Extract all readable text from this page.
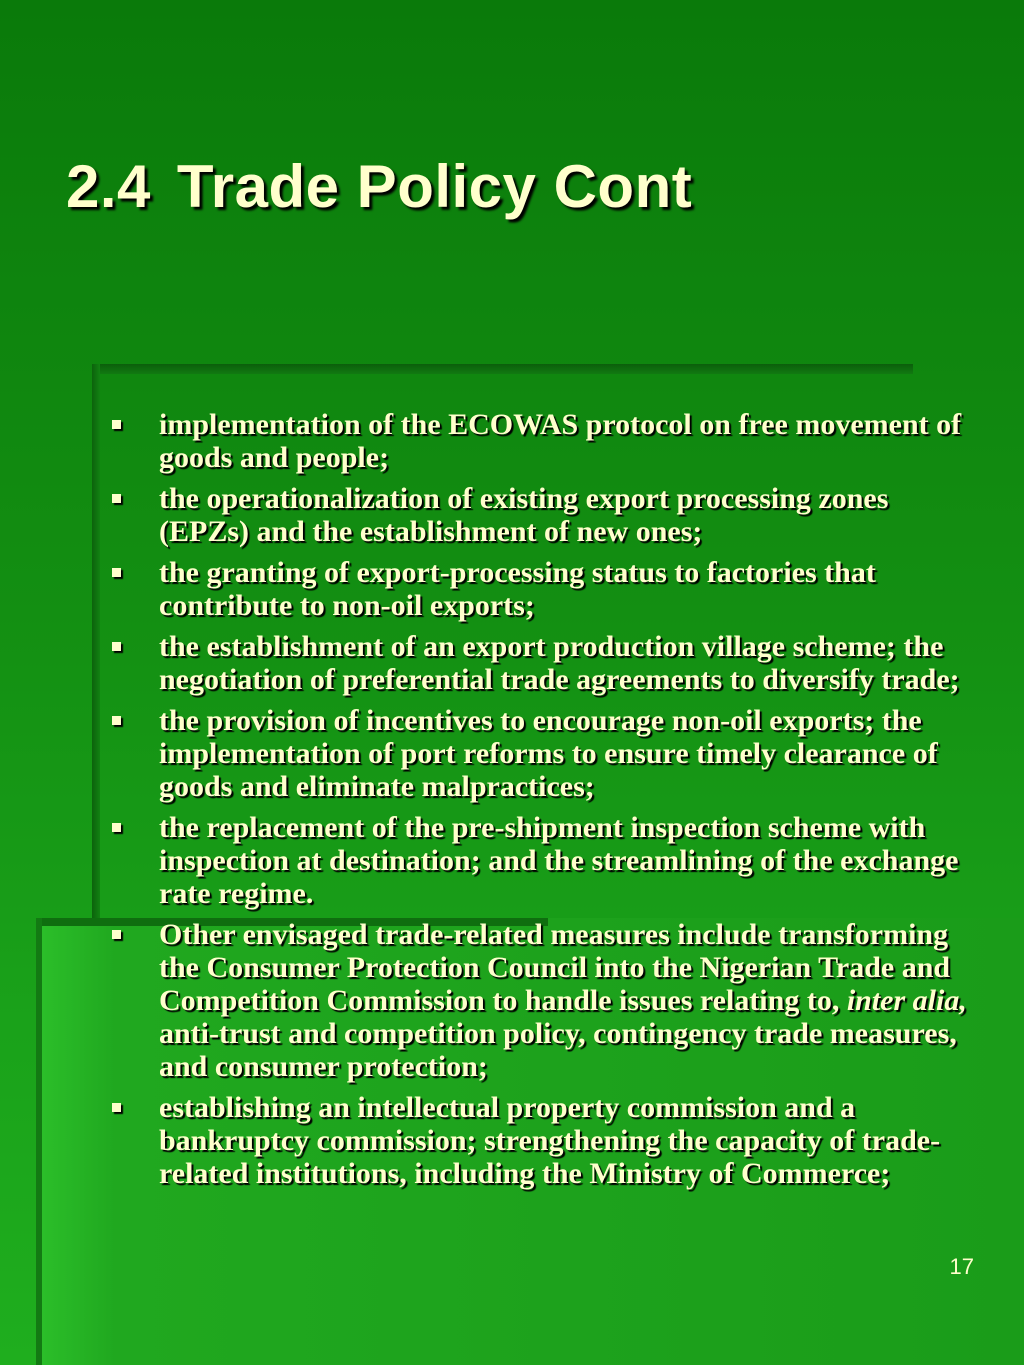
2.4 Trade Policy Cont
implementation of the ECOWAS protocol on free movement of goods and people;
the operationalization of existing export processing zones (EPZs) and the establishment of new ones;
the granting of export-processing status to factories that contribute to non-oil exports;
the establishment of an export production village scheme; the negotiation of preferential trade agreements to diversify trade;
the provision of incentives to encourage non-oil exports; the implementation of port reforms to ensure timely clearance of goods and eliminate malpractices;
the replacement of the pre-shipment inspection scheme with inspection at destination; and the streamlining of the exchange rate regime.
Other envisaged trade-related measures include transforming the Consumer Protection Council into the Nigerian Trade and Competition Commission to handle issues relating to, inter alia, anti-trust and competition policy, contingency trade measures, and consumer protection;
establishing an intellectual property commission and a bankruptcy commission; strengthening the capacity of trade-related institutions, including the Ministry of Commerce;
17
